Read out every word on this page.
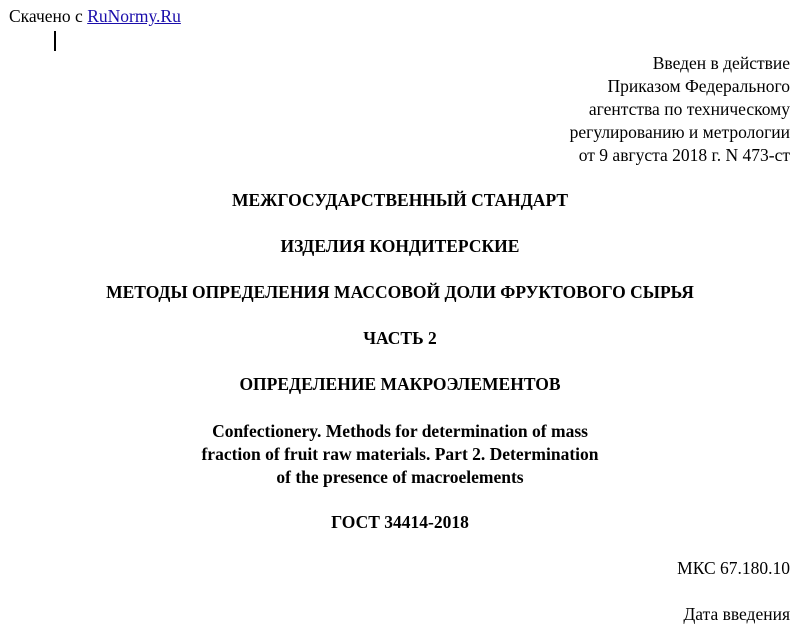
Скачено с RuNormy.Ru
Введен в действие
Приказом Федерального
агентства по техническому
регулированию и метрологии
от 9 августа 2018 г. N 473-ст
МЕЖГОСУДАРСТВЕННЫЙ СТАНДАРТ
ИЗДЕЛИЯ КОНДИТЕРСКИЕ
МЕТОДЫ ОПРЕДЕЛЕНИЯ МАССОВОЙ ДОЛИ ФРУКТОВОГО СЫРЬЯ
ЧАСТЬ 2
ОПРЕДЕЛЕНИЕ МАКРОЭЛЕМЕНТОВ
Confectionery. Methods for determination of mass
fraction of fruit raw materials. Part 2. Determination
of the presence of macroelements
ГОСТ 34414-2018
МКС 67.180.10
Дата введения
